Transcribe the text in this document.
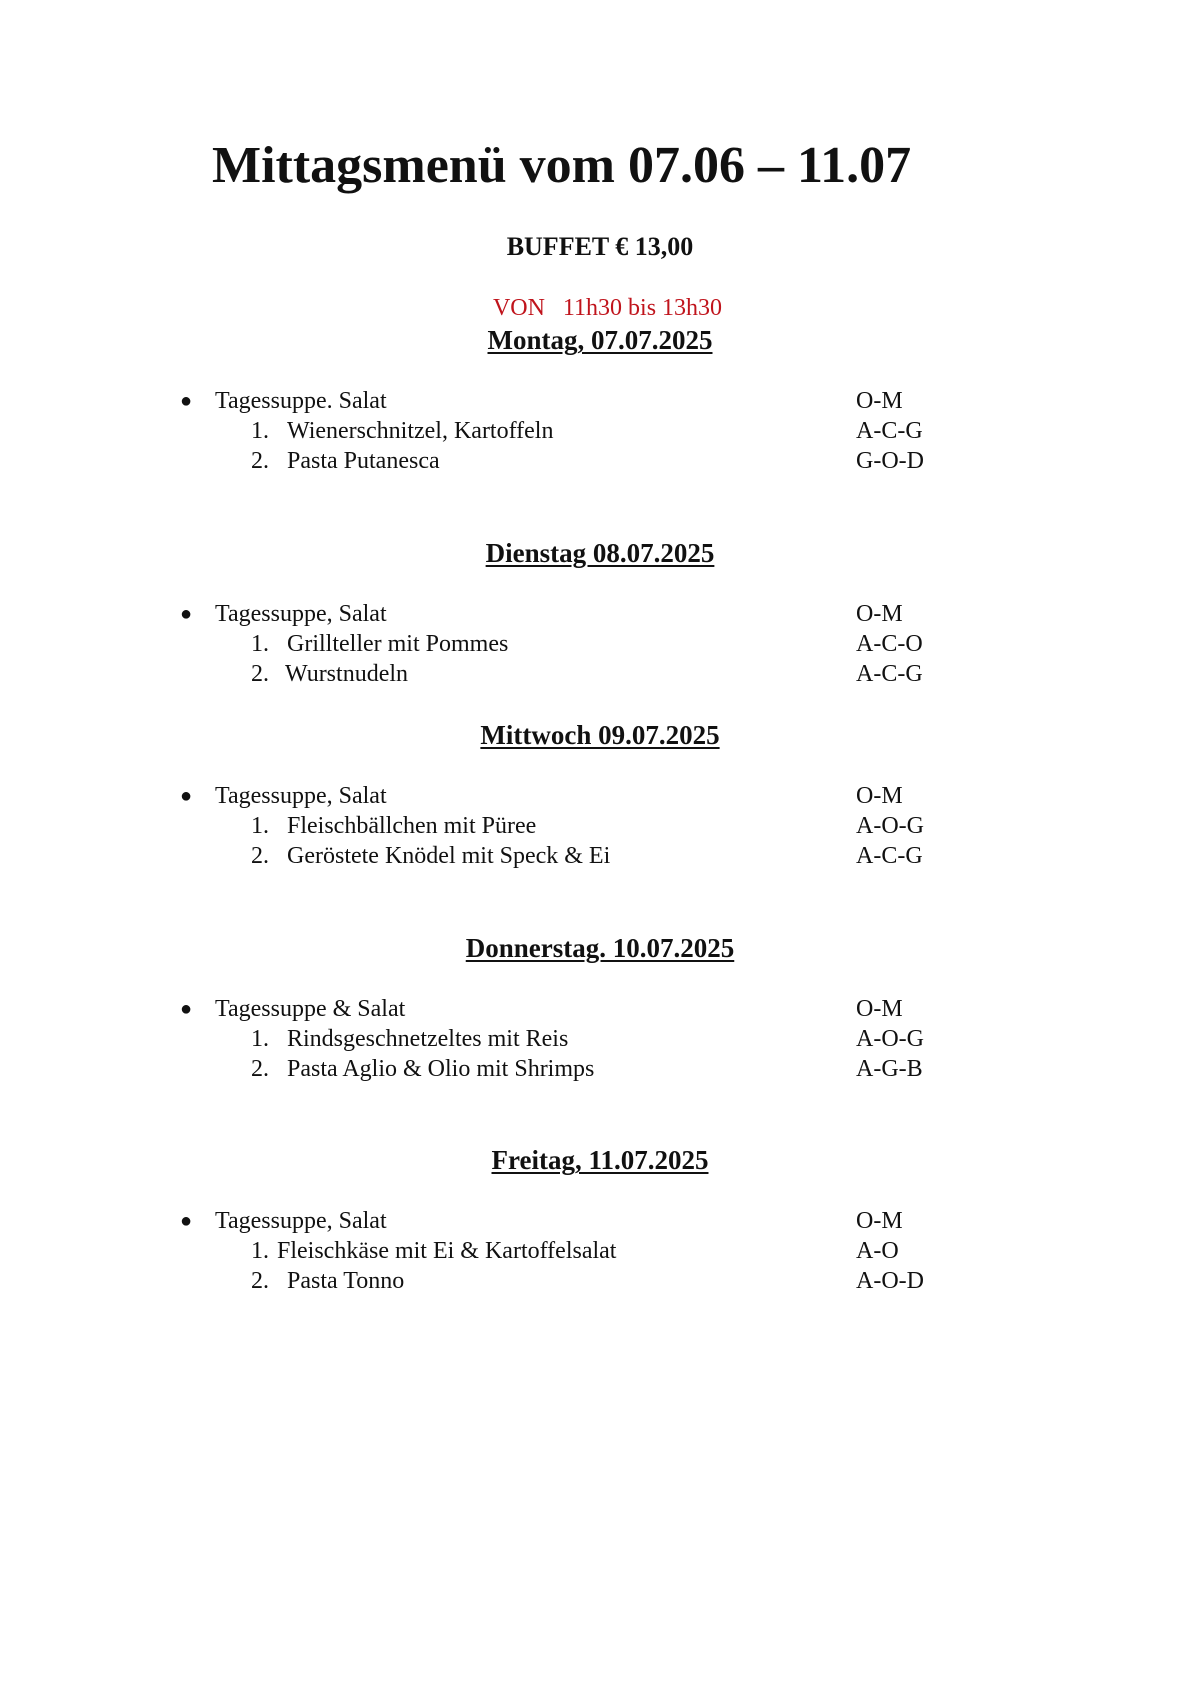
Mittagsmenü vom 07.06 – 11.07
BUFFET € 13,00
VON   11h30 bis 13h30
Montag, 07.07.2025
● Tagessuppe. Salat	O-M
1. Wienerschnitzel, Kartoffeln	A-C-G
2. Pasta Putanesca	G-O-D
Dienstag 08.07.2025
● Tagessuppe, Salat	O-M
1. Grillteller mit Pommes	A-C-O
2. Wurstnudeln	A-C-G
Mittwoch 09.07.2025
● Tagessuppe, Salat	O-M
1. Fleischbällchen mit Püree	A-O-G
2. Geröstete Knödel mit Speck & Ei	A-C-G
Donnerstag. 10.07.2025
● Tagessuppe & Salat	O-M
1. Rindsgeschnetzeltes mit Reis	A-O-G
2. Pasta Aglio & Olio mit Shrimps	A-G-B
Freitag, 11.07.2025
● Tagessuppe, Salat	O-M
1. Fleischkäse mit Ei & Kartoffelsalat	A-O
2. Pasta Tonno	A-O-D
